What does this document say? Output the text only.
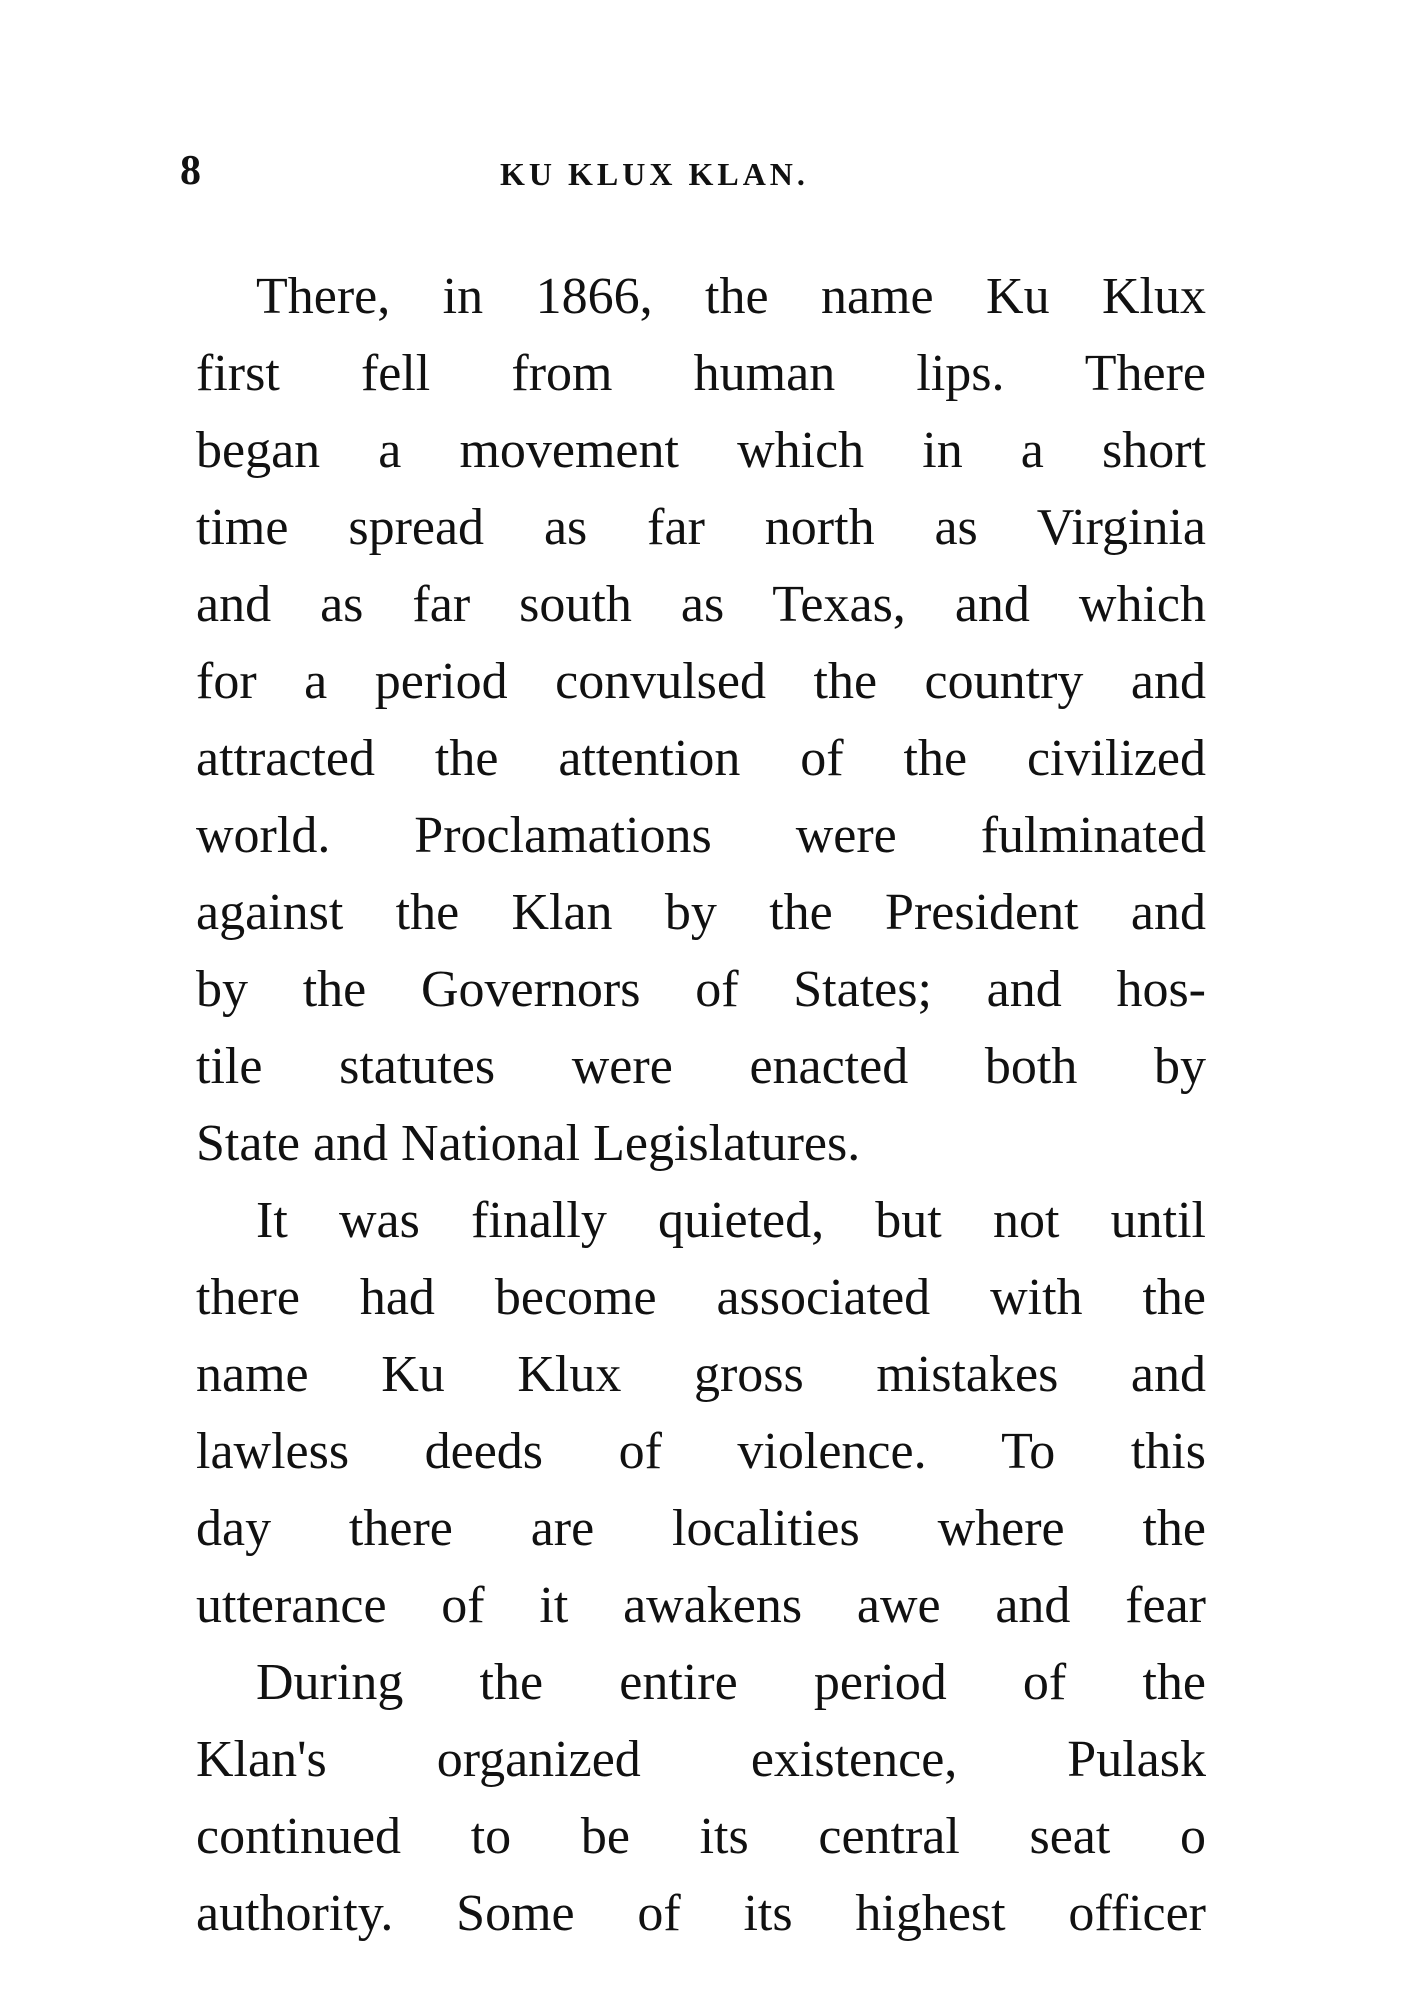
8	KU KLUX KLAN.
There, in 1866, the name Ku Klux
first fell from human lips. There
began a movement which in a short
time spread as far north as Virginia
and as far south as Texas, and which
for a period convulsed the country and
attracted the attention of the civilized
world. Proclamations were fulminated
against the Klan by the President and
by the Governors of States; and hos-
tile statutes were enacted both by
State and National Legislatures.
It was finally quieted, but not until
there had become associated with the
name Ku Klux gross mistakes and
lawless deeds of violence. To this
day there are localities where the
utterance of it awakens awe and fear
During the entire period of the
Klan's organized existence, Pulask
continued to be its central seat o
authority. Some of its highest officer
